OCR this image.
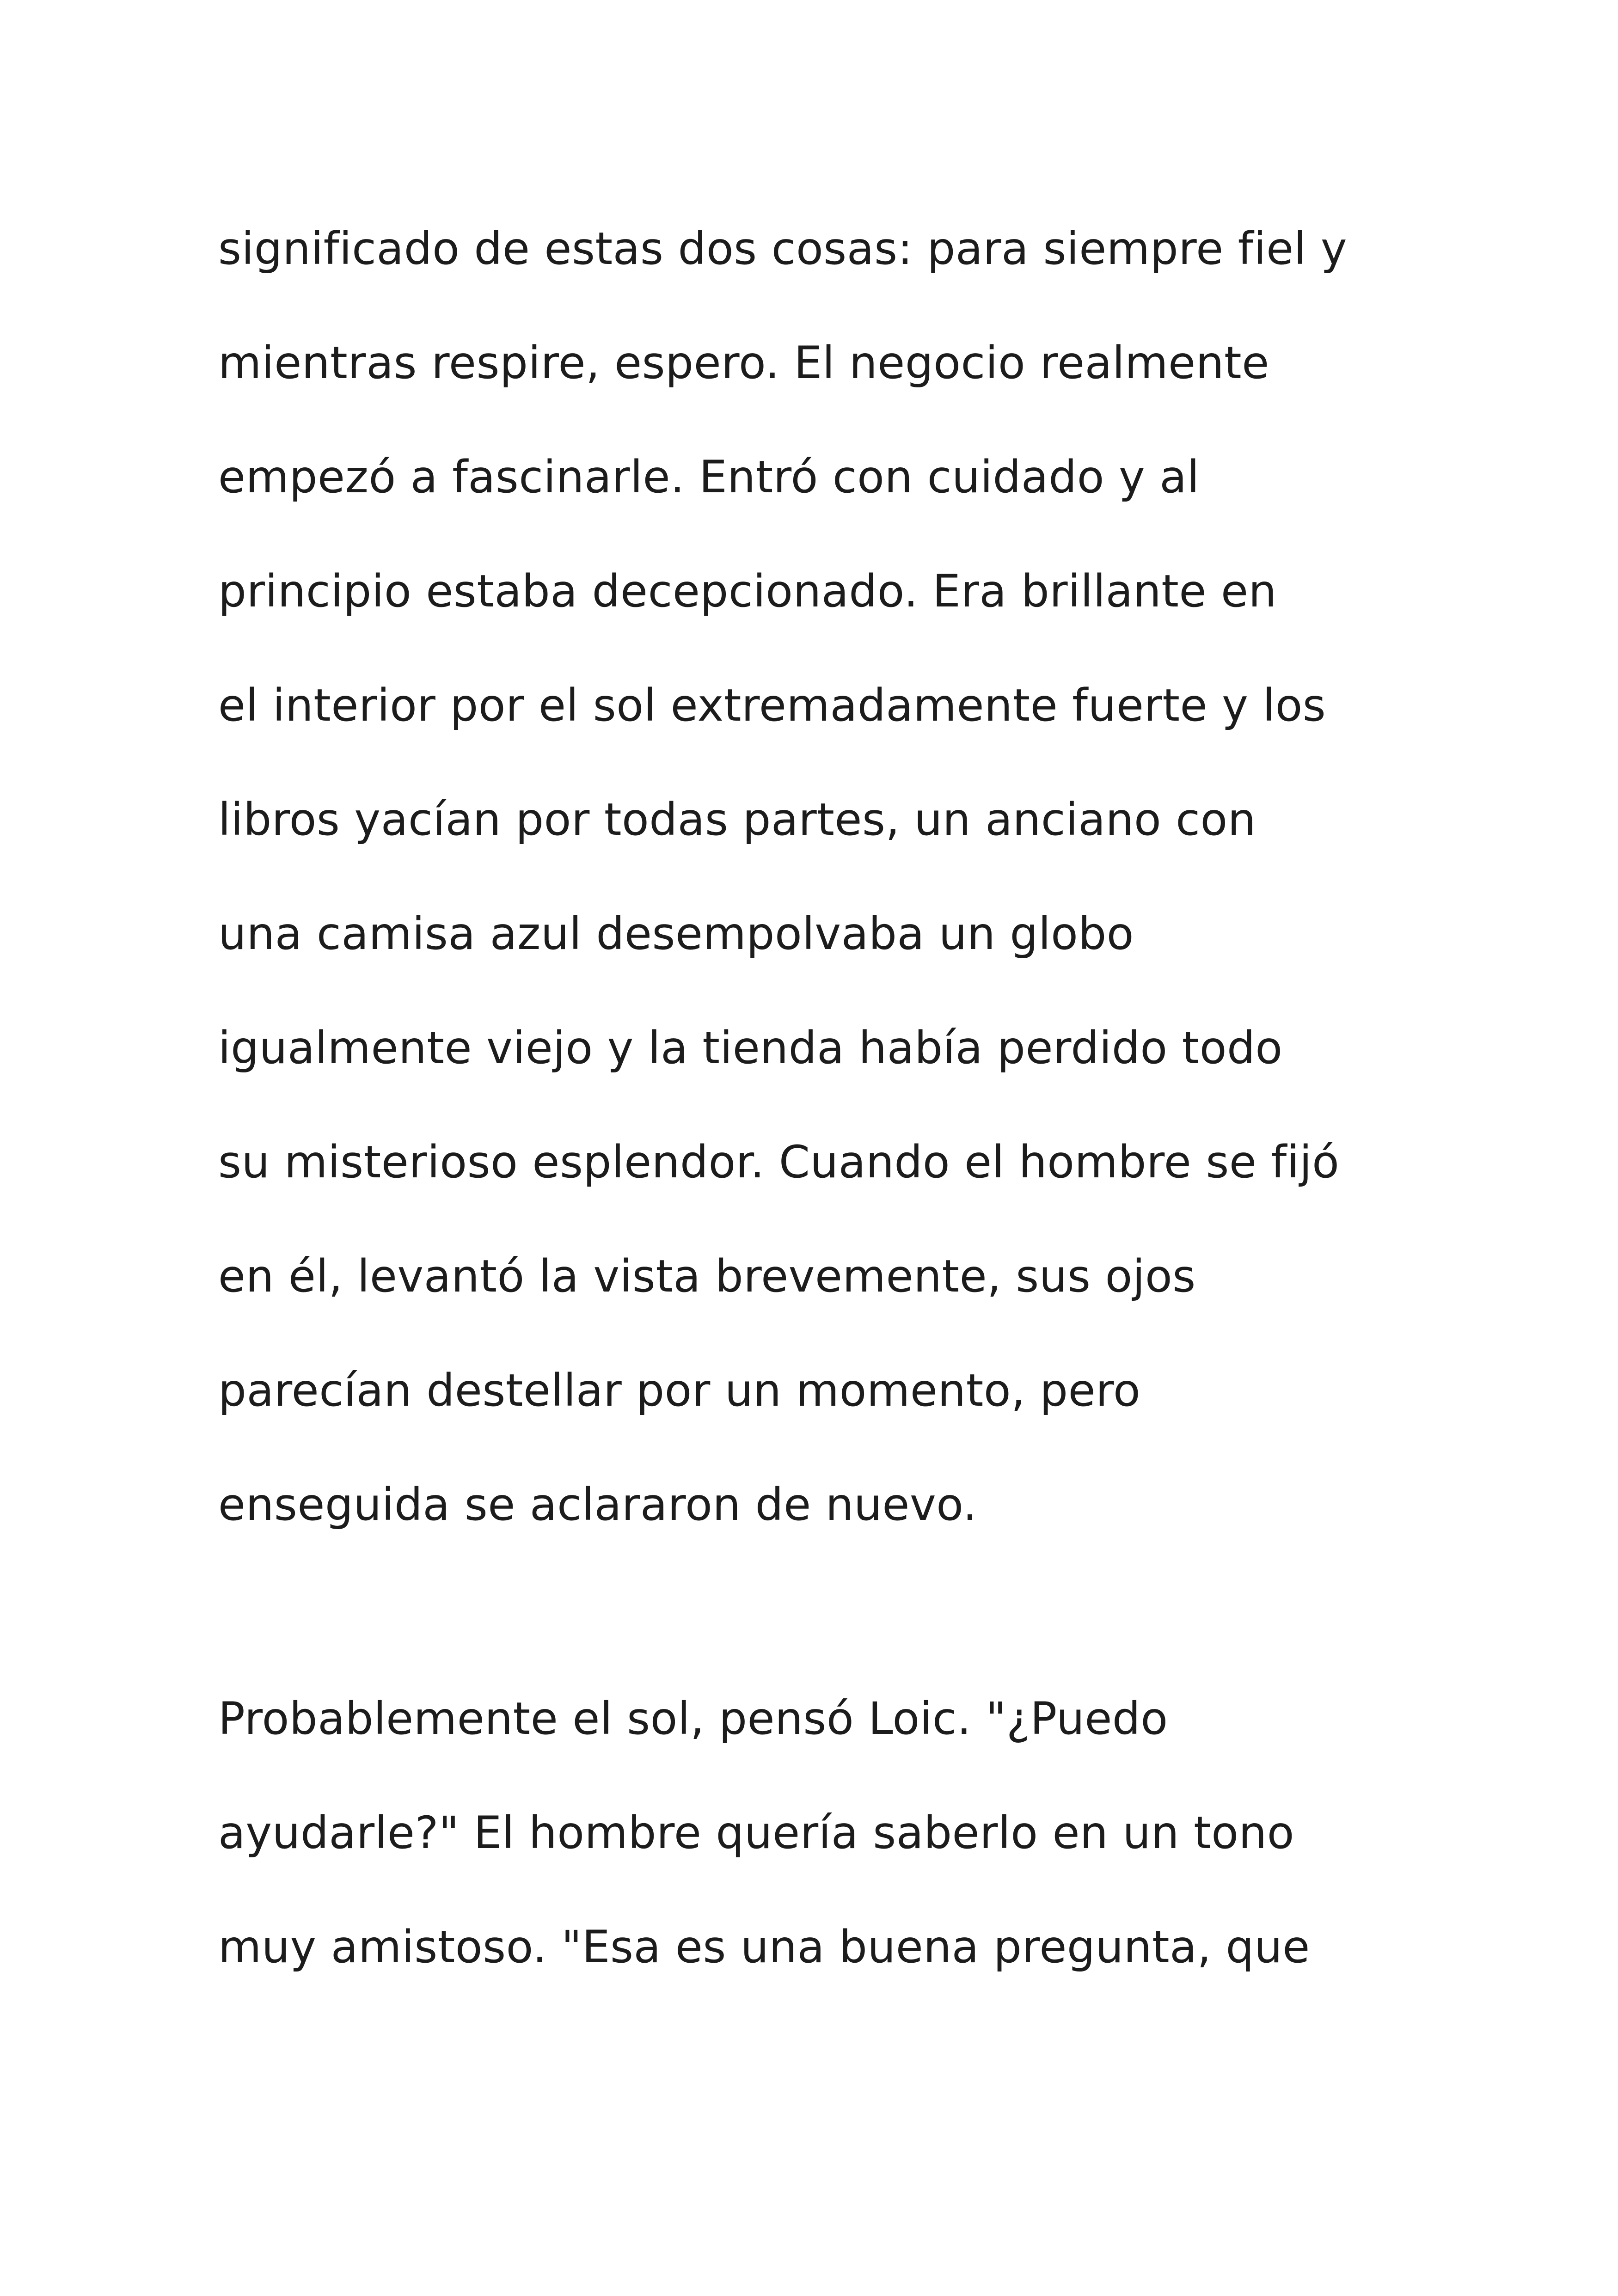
significado de estas dos cosas: para siempre fiel y
mientras respire, espero. El negocio realmente
empezó a fascinarle. Entró con cuidado y al
principio estaba decepcionado. Era brillante en
el interior por el sol extremadamente fuerte y los
libros yacían por todas partes, un anciano con
una camisa azul desempolvaba un globo
igualmente viejo y la tienda había perdido todo
su misterioso esplendor. Cuando el hombre se fijó
en él, levantó la vista brevemente, sus ojos
parecían destellar por un momento, pero
enseguida se aclararon de nuevo.
Probablemente el sol, pensó Loic. "¿Puedo
ayudarle?" El hombre quería saberlo en un tono
muy amistoso. "Esa es una buena pregunta, que
